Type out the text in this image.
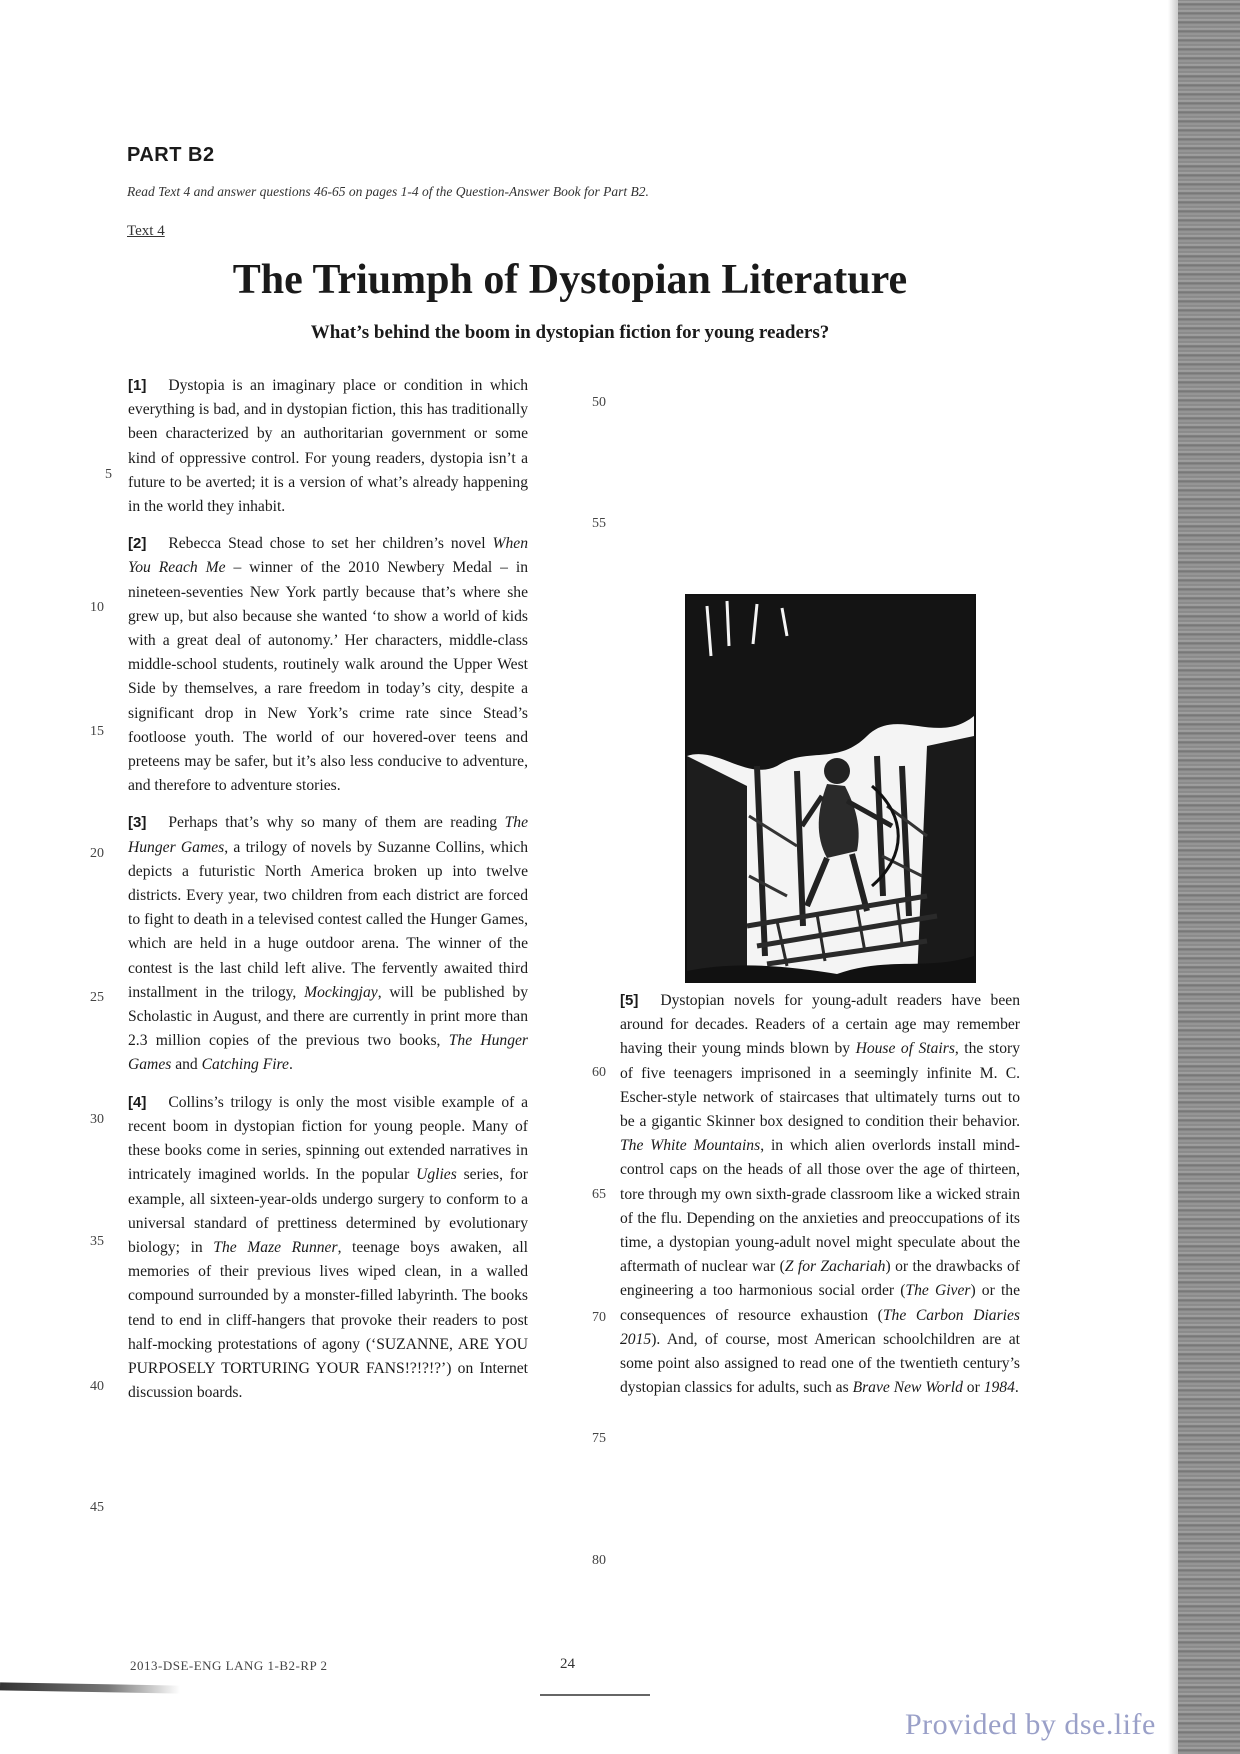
PART B2
Read Text 4 and answer questions 46-65 on pages 1-4 of the Question-Answer Book for Part B2.
Text 4
The Triumph of Dystopian Literature
What’s behind the boom in dystopian fiction for young readers?
5
10
15
20
25
30
35
40
45
50
55
60
65
70
75
80

[1] Dystopia is an imaginary place or condition in which everything is bad, and in dystopian fiction, this has traditionally been characterized by an authoritarian government or some kind of oppressive control. For young readers, dystopia isn’t a future to be averted; it is a version of what’s already happening in the world they inhabit.

[2] Rebecca Stead chose to set her children’s novel When You Reach Me – winner of the 2010 Newbery Medal – in nineteen-seventies New York partly because that’s where she grew up, but also because she wanted ‘to show a world of kids with a great deal of autonomy.’ Her characters, middle-class middle-school students, routinely walk around the Upper West Side by themselves, a rare freedom in today’s city, despite a significant drop in New York’s crime rate since Stead’s footloose youth. The world of our hovered-over teens and preteens may be safer, but it’s also less conducive to adventure, and therefore to adventure stories.

[3] Perhaps that’s why so many of them are reading The Hunger Games, a trilogy of novels by Suzanne Collins, which depicts a futuristic North America broken up into twelve districts. Every year, two children from each district are forced to fight to death in a televised contest called the Hunger Games, which are held in a huge outdoor arena. The winner of the contest is the last child left alive. The fervently awaited third installment in the trilogy, Mockingjay, will be published by Scholastic in August, and there are currently in print more than 2.3 million copies of the previous two books, The Hunger Games and Catching Fire.

[4] Collins’s trilogy is only the most visible example of a recent boom in dystopian fiction for young people. Many of these books come in series, spinning out extended narratives in intricately imagined worlds. In the popular Uglies series, for example, all sixteen-year-olds undergo surgery to conform to a universal standard of prettiness determined by evolutionary biology; in The Maze Runner, teenage boys awaken, all memories of their previous lives wiped clean, in a walled compound surrounded by a monster-filled labyrinth. The books tend to end in cliff-hangers that provoke their readers to post half-mocking protestations of agony (‘SUZANNE, ARE YOU PURPOSELY TORTURING YOUR FANS!?!?!?’) on Internet discussion boards.

[5] Dystopian novels for young-adult readers have been around for decades. Readers of a certain age may remember having their young minds blown by House of Stairs, the story of five teenagers imprisoned in a seemingly infinite M. C. Escher-style network of staircases that ultimately turns out to be a gigantic Skinner box designed to condition their behavior. The White Mountains, in which alien overlords install mind-control caps on the heads of all those over the age of thirteen, tore through my own sixth-grade classroom like a wicked strain of the flu. Depending on the anxieties and preoccupations of its time, a dystopian young-adult novel might speculate about the aftermath of nuclear war (Z for Zachariah) or the drawbacks of engineering a too harmonious social order (The Giver) or the consequences of resource exhaustion (The Carbon Diaries 2015). And, of course, most American schoolchildren are at some point also assigned to read one of the twentieth century’s dystopian classics for adults, such as Brave New World or 1984.

2013-DSE-ENG LANG 1-B2-RP 2	24
Provided by dse.life
